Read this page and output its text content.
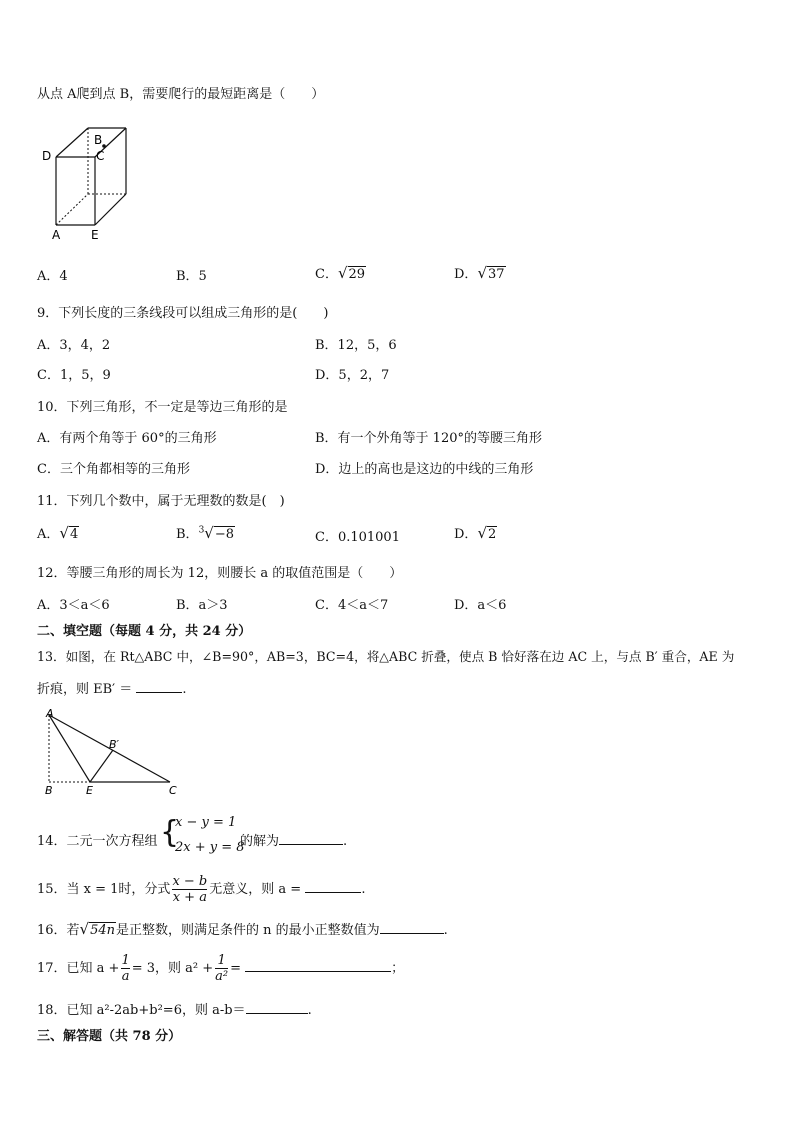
从点 A爬到点 B，需要爬行的最短距离是（　　）
D
B
C
A	E
A．4	B．5	C．√29	D．√37
9．下列长度的三条线段可以组成三角形的是(　　)
A．3，4，2	B．12，5，6
C．1，5，9	D．5，2，7
10．下列三角形，不一定是等边三角形的是
A．有两个角等于 60°的三角形	B．有一个外角等于 120°的等腰三角形
C．三个角都相等的三角形	D．边上的高也是这边的中线的三角形
11．下列几个数中，属于无理数的数是(　)
A．√4	B．$^3$√−8	C．0.101001	D．√2
12．等腰三角形的周长为 12，则腰长 a 的取值范围是（　　）
A．3＜a＜6	B．a＞3	C．4＜a＜7	D．a＜6
二、填空题（每题 4 分，共 24 分）
13．如图，在 Rt△ABC 中，∠B=90°，AB=3，BC=4，将△ABC 折叠，使点 B 恰好落在边 AC 上，与点 B′ 重合，AE 为
折痕，则 EB′ ＝	.
A
B′
B	E	C
14．二元一次方程组 {
x − y = 1
2x + y = 8
的解为	.
15．当 x = 1时，分式 $\frac{x - b}{x + a}$ 无意义，则 a =	.
16．若√54n是正整数，则满足条件的 n 的最小正整数值为	.
17．已知 $a + \frac{1}{a} = 3$，则 $a^2 + \frac{1}{\text{a²}}$ =	；
18．已知 a²-2ab+b²=6，则 a-b＝	.
三、解答题（共 78 分）
